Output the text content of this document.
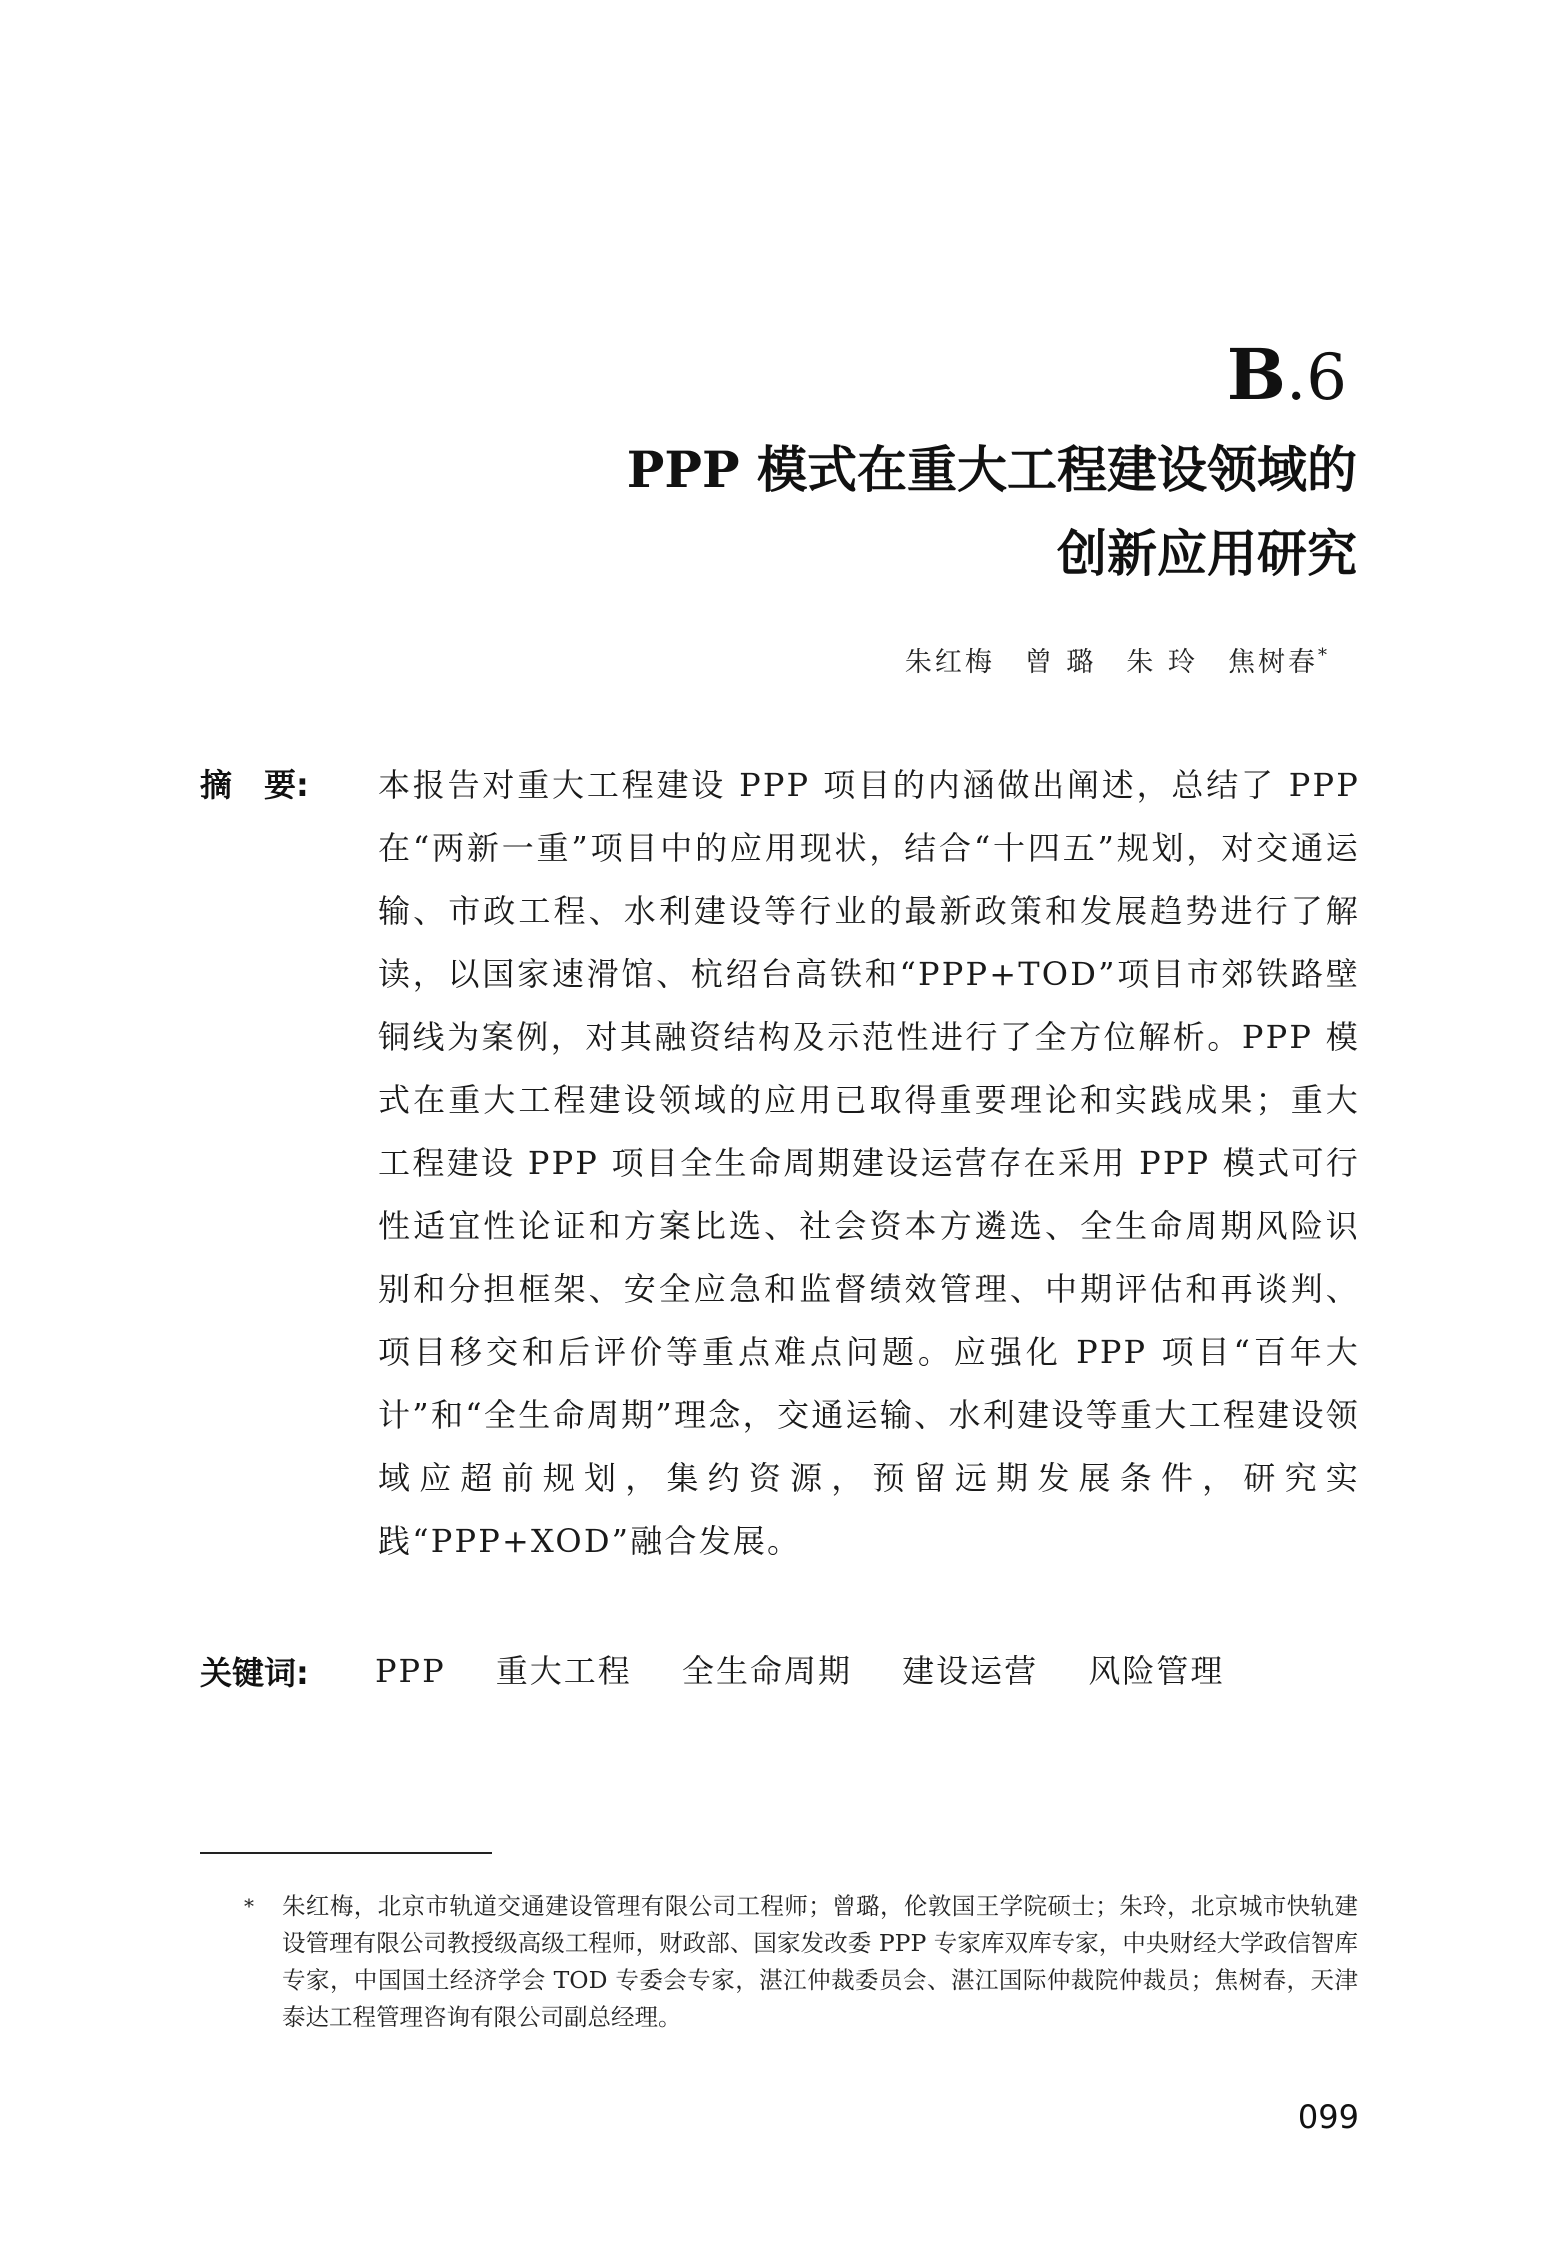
B.6
PPP 模式在重大工程建设领域的
创新应用研究
朱红梅　曾 璐　朱 玲　焦树春*
摘　要: 本报告对重大工程建设 PPP 项目的内涵做出阐述，总结了 PPP 在“两新一重”项目中的应用现状，结合“十四五”规划，对交通运输、市政工程、水利建设等行业的最新政策和发展趋势进行了解读，以国家速滑馆、杭绍台高铁和“PPP+TOD”项目市郊铁路壁铜线为案例，对其融资结构及示范性进行了全方位解析。PPP 模式在重大工程建设领域的应用已取得重要理论和实践成果；重大工程建设 PPP 项目全生命周期建设运营存在采用 PPP 模式可行性适宜性论证和方案比选、社会资本方遴选、全生命周期风险识别和分担框架、安全应急和监督绩效管理、中期评估和再谈判、项目移交和后评价等重点难点问题。应强化 PPP 项目“百年大计”和“全生命周期”理念，交通运输、水利建设等重大工程建设领域应超前规划，集约资源，预留远期发展条件，研究实践“PPP+XOD”融合发展。
关键词: PPP 重大工程 全生命周期 建设运营 风险管理
*	朱红梅，北京市轨道交通建设管理有限公司工程师；曾璐，伦敦国王学院硕士；朱玲，北京城市快轨建设管理有限公司教授级高级工程师，财政部、国家发改委 PPP 专家库双库专家，中央财经大学政信智库专家，中国国土经济学会 TOD 专委会专家，湛江仲裁委员会、湛江国际仲裁院仲裁员；焦树春，天津泰达工程管理咨询有限公司副总经理。
099
